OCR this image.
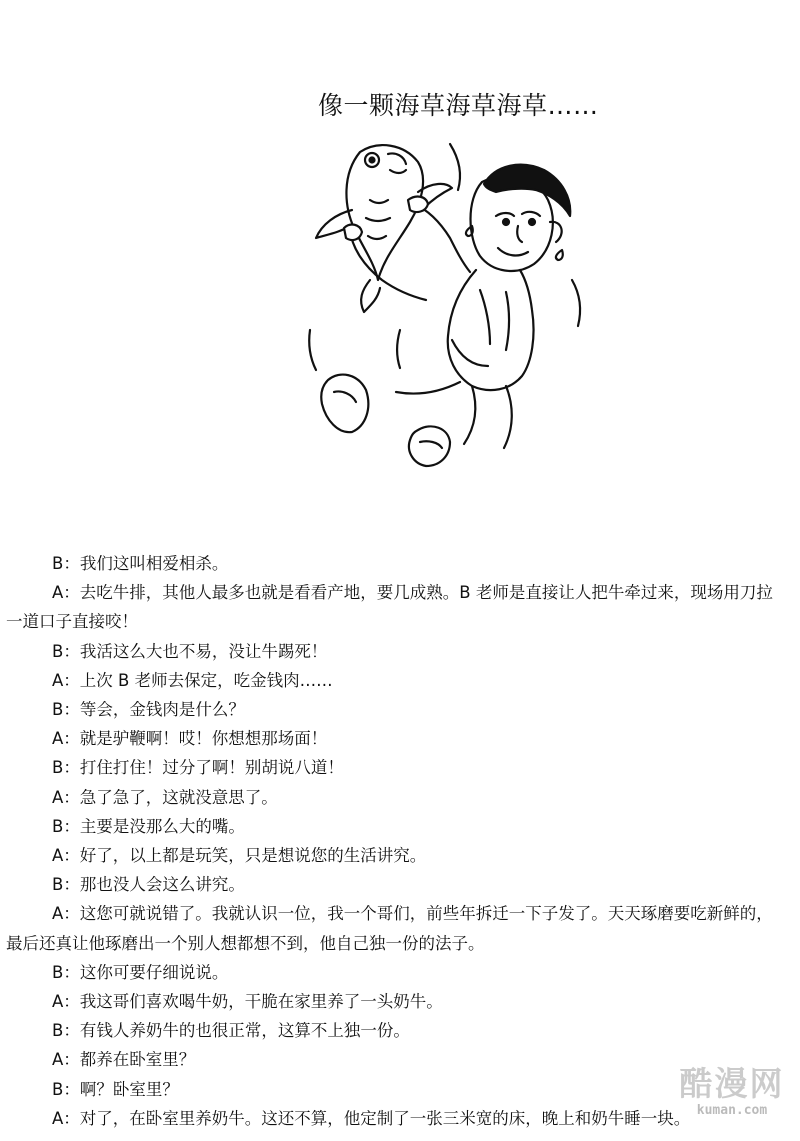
像一颗海草海草海草……

B：我们这叫相爱相杀。

A：去吃牛排，其他人最多也就是看看产地，要几成熟。B 老师是直接让人把牛牵过来，现场用刀拉一道口子直接咬！

B：我活这么大也不易，没让牛踢死！

A：上次 B 老师去保定，吃金钱肉……

B：等会，金钱肉是什么？

A：就是驴鞭啊！哎！你想想那场面！

B：打住打住！过分了啊！别胡说八道！

A：急了急了，这就没意思了。

B：主要是没那么大的嘴。

A：好了，以上都是玩笑，只是想说您的生活讲究。

B：那也没人会这么讲究。

A：这您可就说错了。我就认识一位，我一个哥们，前些年拆迁一下子发了。天天琢磨要吃新鲜的，最后还真让他琢磨出一个别人想都想不到，他自己独一份的法子。

B：这你可要仔细说说。

A：我这哥们喜欢喝牛奶，干脆在家里养了一头奶牛。

B：有钱人养奶牛的也很正常，这算不上独一份。

A：都养在卧室里？

B：啊？卧室里？

A：对了，在卧室里养奶牛。这还不算，他定制了一张三米宽的床，晚上和奶牛睡一块。

酷漫网
kuman.com
